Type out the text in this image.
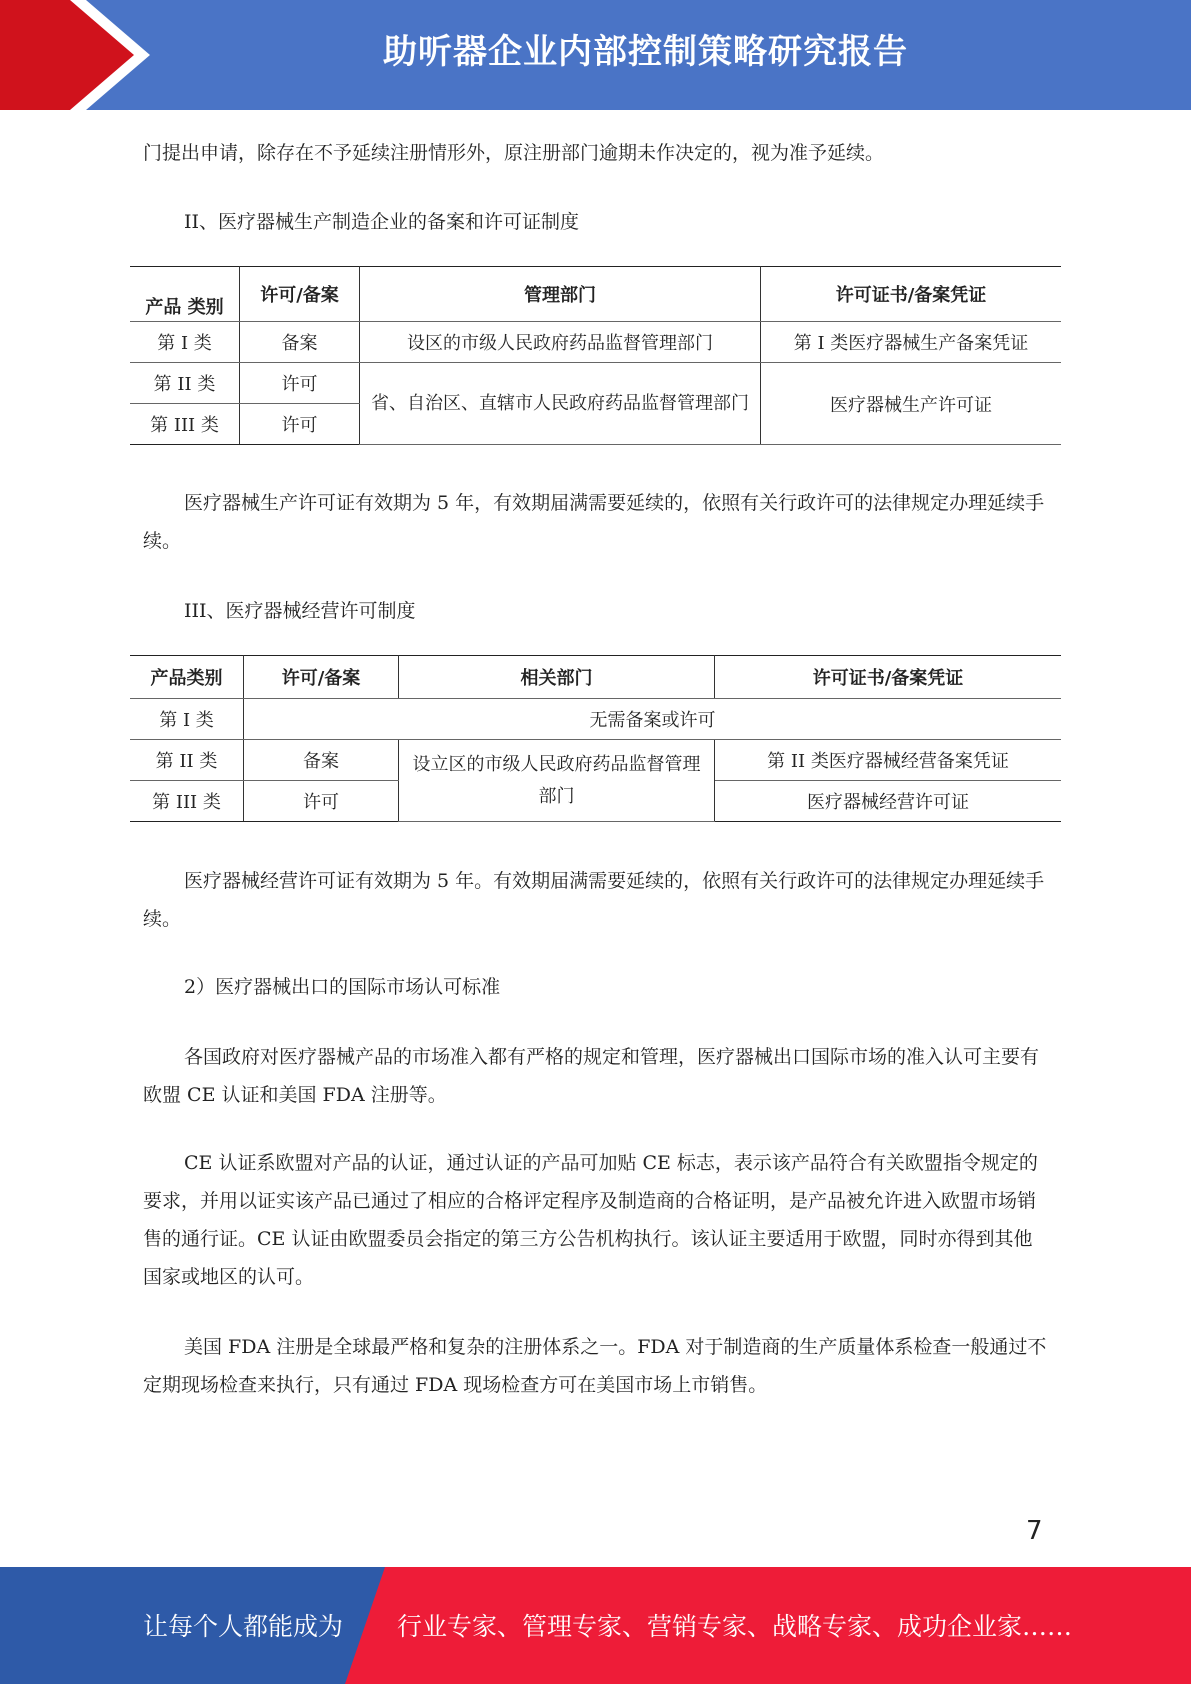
助听器企业内部控制策略研究报告

门提出申请，除存在不予延续注册情形外，原注册部门逾期未作决定的，视为准予延续。

II、医疗器械生产制造企业的备案和许可证制度

产品 类别	许可/备案	管理部门	许可证书/备案凭证
第 I 类	备案	设区的市级人民政府药品监督管理部门	第 I 类医疗器械生产备案凭证
第 II 类	许可	省、自治区、直辖市人民政府药品监督管理部门	医疗器械生产许可证
第 III 类	许可		

医疗器械生产许可证有效期为 5 年，有效期届满需要延续的，依照有关行政许可的法律规定办理延续手续。

III、医疗器械经营许可制度

产品类别	许可/备案	相关部门	许可证书/备案凭证
第 I 类	无需备案或许可		
第 II 类	备案	设立区的市级人民政府药品监督管理部门	第 II 类医疗器械经营备案凭证
第 III 类	许可		医疗器械经营许可证

医疗器械经营许可证有效期为 5 年。有效期届满需要延续的，依照有关行政许可的法律规定办理延续手续。

2）医疗器械出口的国际市场认可标准

各国政府对医疗器械产品的市场准入都有严格的规定和管理，医疗器械出口国际市场的准入认可主要有欧盟 CE 认证和美国 FDA 注册等。

CE 认证系欧盟对产品的认证，通过认证的产品可加贴 CE 标志，表示该产品符合有关欧盟指令规定的要求，并用以证实该产品已通过了相应的合格评定程序及制造商的合格证明，是产品被允许进入欧盟市场销售的通行证。CE 认证由欧盟委员会指定的第三方公告机构执行。该认证主要适用于欧盟，同时亦得到其他国家或地区的认可。

美国 FDA 注册是全球最严格和复杂的注册体系之一。FDA 对于制造商的生产质量体系检查一般通过不定期现场检查来执行，只有通过 FDA 现场检查方可在美国市场上市销售。

7
让每个人都能成为 行业专家、管理专家、营销专家、战略专家、成功企业家……
